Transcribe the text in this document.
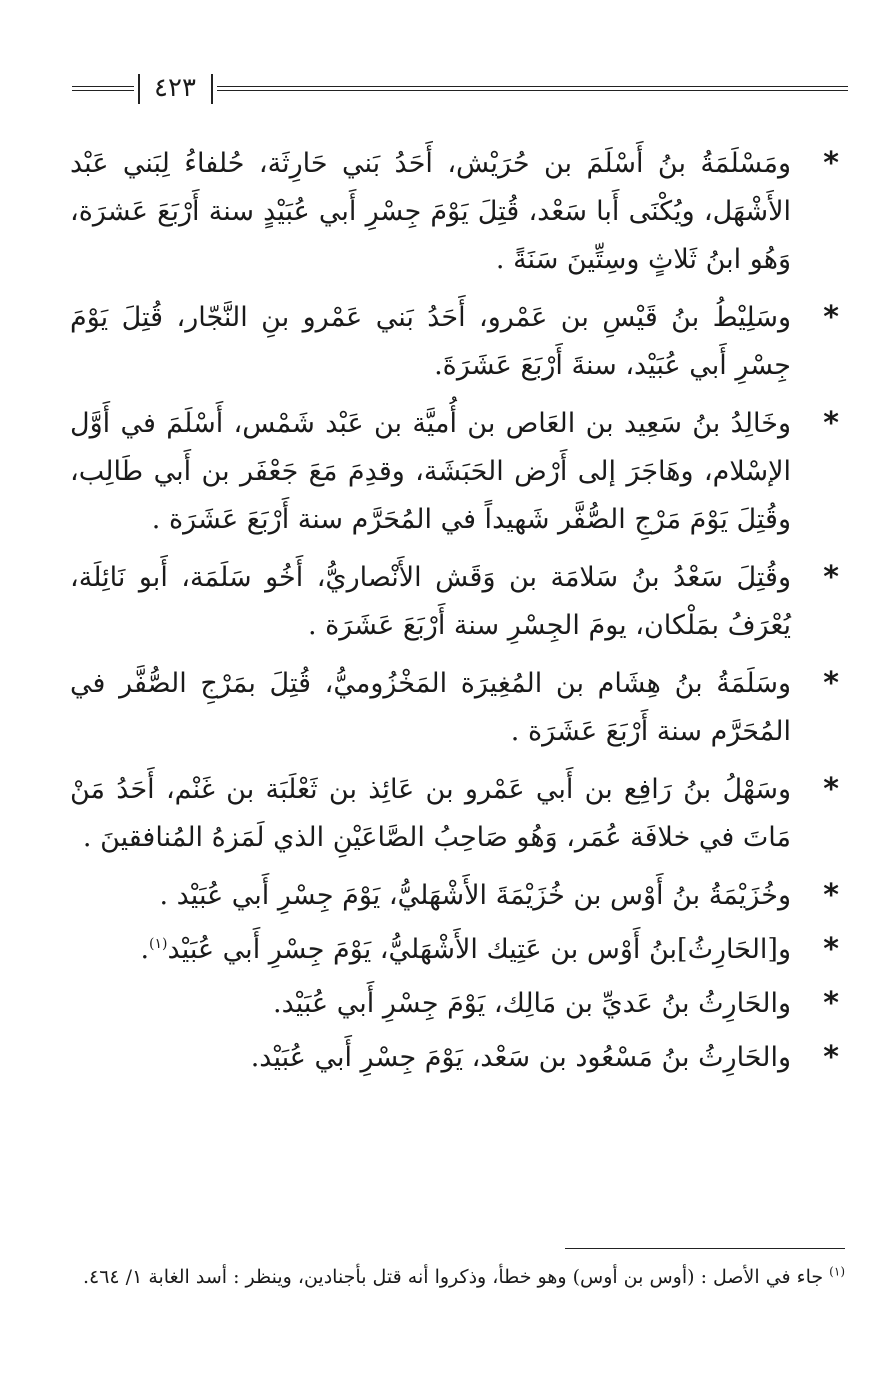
٤٢٣
*
ومَسْلَمَةُ بنُ أَسْلَمَ بن حُرَيْش، أَحَدُ بَني حَارِثَة، حُلفاءُ لِبَني عَبْد الأَشْهَل، ويُكْنَى أَبا سَعْد، قُتِلَ يَوْمَ جِسْرِ أَبي عُبَيْدٍ سنة أَرْبَعَ عَشرَة، وَهُو ابنُ ثَلاثٍ وسِتِّينَ سَنَةً .
*
وسَلِيْطُ بنُ قَيْسِ بن عَمْرو، أَحَدُ بَني عَمْرو بنِ النَّجّار، قُتِلَ يَوْمَ جِسْرِ أَبي عُبَيْد، سنةَ أَرْبَعَ عَشَرَةَ.
*
وخَالِدُ بنُ سَعِيد بن العَاص بن أُميَّة بن عَبْد شَمْس، أَسْلَمَ في أَوَّل الإسْلام، وهَاجَرَ إلى أَرْض الحَبَشَة، وقدِمَ مَعَ جَعْفَر بن أَبي طَالِب، وقُتِلَ يَوْمَ مَرْجِ الصُّفَّر شَهيداً في المُحَرَّم سنة أَرْبَعَ عَشَرَة .
*
وقُتِلَ سَعْدُ بنُ سَلامَة بن وَقَش الأَنْصاريُّ، أَخُو سَلَمَة، أَبو نَائِلَة، يُعْرَفُ بمَلْكان، يومَ الجِسْرِ سنة أَرْبَعَ عَشَرَة .
*
وسَلَمَةُ بنُ هِشَام بن المُغِيرَة المَخْزُوميُّ، قُتِلَ بمَرْجِ الصُّفَّر في المُحَرَّم سنة أَرْبَعَ عَشَرَة .
*
وسَهْلُ بنُ رَافِع بن أَبي عَمْرو بن عَائِذ بن ثَعْلَبَة بن غَنْم، أَحَدُ مَنْ مَاتَ في خلافَة عُمَر، وَهُو صَاحِبُ الصَّاعَيْنِ الذي لَمَزهُ المُنافقينَ .
*
وخُزَيْمَةُ بنُ أَوْس بن خُزَيْمَةَ الأَشْهَليُّ، يَوْمَ جِسْرِ أَبي عُبَيْد .
*
و[الحَارِثُ]بنُ أَوْس بن عَتِيك الأَشْهَليُّ، يَوْمَ جِسْرِ أَبي عُبَيْد$^{(١)}$.
*
والحَارِثُ بنُ عَديِّ بن مَالِك، يَوْمَ جِسْرِ أَبي عُبَيْد.
*
والحَارِثُ بنُ مَسْعُود بن سَعْد، يَوْمَ جِسْرِ أَبي عُبَيْد.
$^{(١)}$ جاء في الأصل : (أوس بن أوس) وهو خطأ، وذكروا أنه قتل بأجنادين، وينظر : أسد الغابة ١/ ٤٦٤.
